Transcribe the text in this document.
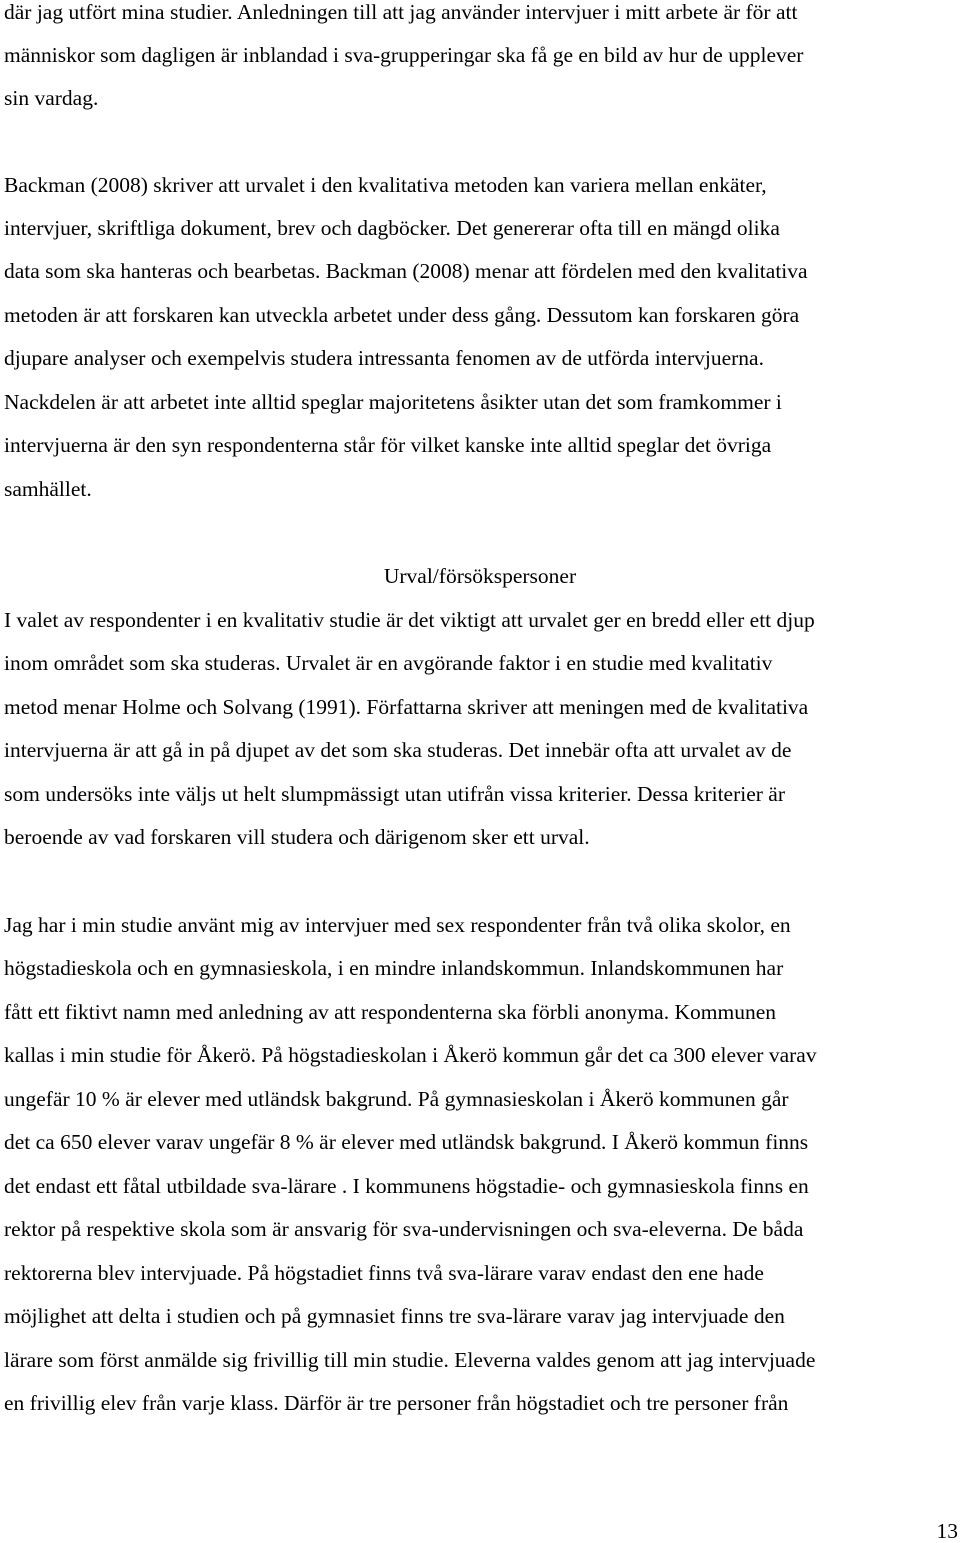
där jag utfört mina studier. Anledningen till att jag använder intervjuer i mitt arbete är för att
människor som dagligen är inblandad i sva-grupperingar ska få ge en bild av hur de upplever
sin vardag.
Backman (2008) skriver att urvalet i den kvalitativa metoden kan variera mellan enkäter,
intervjuer, skriftliga dokument, brev och dagböcker. Det genererar ofta till en mängd olika
data som ska hanteras och bearbetas. Backman (2008) menar att fördelen med den kvalitativa
metoden är att forskaren kan utveckla arbetet under dess gång. Dessutom kan forskaren göra
djupare analyser och exempelvis studera intressanta fenomen av de utförda intervjuerna.
Nackdelen är att arbetet inte alltid speglar majoritetens åsikter utan det som framkommer i
intervjuerna är den syn respondenterna står för vilket kanske inte alltid speglar det övriga
samhället.
Urval/försökspersoner
I valet av respondenter i en kvalitativ studie är det viktigt att urvalet ger en bredd eller ett djup
inom området som ska studeras. Urvalet är en avgörande faktor i en studie med kvalitativ
metod menar Holme och Solvang (1991). Författarna skriver att meningen med de kvalitativa
intervjuerna är att gå in på djupet av det som ska studeras. Det innebär ofta att urvalet av de
som undersöks inte väljs ut helt slumpmässigt utan utifrån vissa kriterier. Dessa kriterier är
beroende av vad forskaren vill studera och därigenom sker ett urval.
Jag har i min studie använt mig av intervjuer med sex respondenter från två olika skolor, en
högstadieskola och en gymnasieskola, i en mindre inlandskommun. Inlandskommunen har
fått ett fiktivt namn med anledning av att respondenterna ska förbli anonyma. Kommunen
kallas i min studie för Åkerö. På högstadieskolan i Åkerö kommun går det ca 300 elever varav
ungefär 10 % är elever med utländsk bakgrund. På gymnasieskolan i Åkerö kommunen går
det ca 650 elever varav ungefär 8 % är elever med utländsk bakgrund. I Åkerö kommun finns
det endast ett fåtal utbildade sva-lärare . I kommunens högstadie- och gymnasieskola finns en
rektor på respektive skola som är ansvarig för sva-undervisningen och sva-eleverna. De båda
rektorerna blev intervjuade. På högstadiet finns två sva-lärare varav endast den ene hade
möjlighet att delta i studien och på gymnasiet finns tre sva-lärare varav jag intervjuade den
lärare som först anmälde sig frivillig till min studie. Eleverna valdes genom att jag intervjuade
en frivillig elev från varje klass. Därför är tre personer från högstadiet och tre personer från
13
